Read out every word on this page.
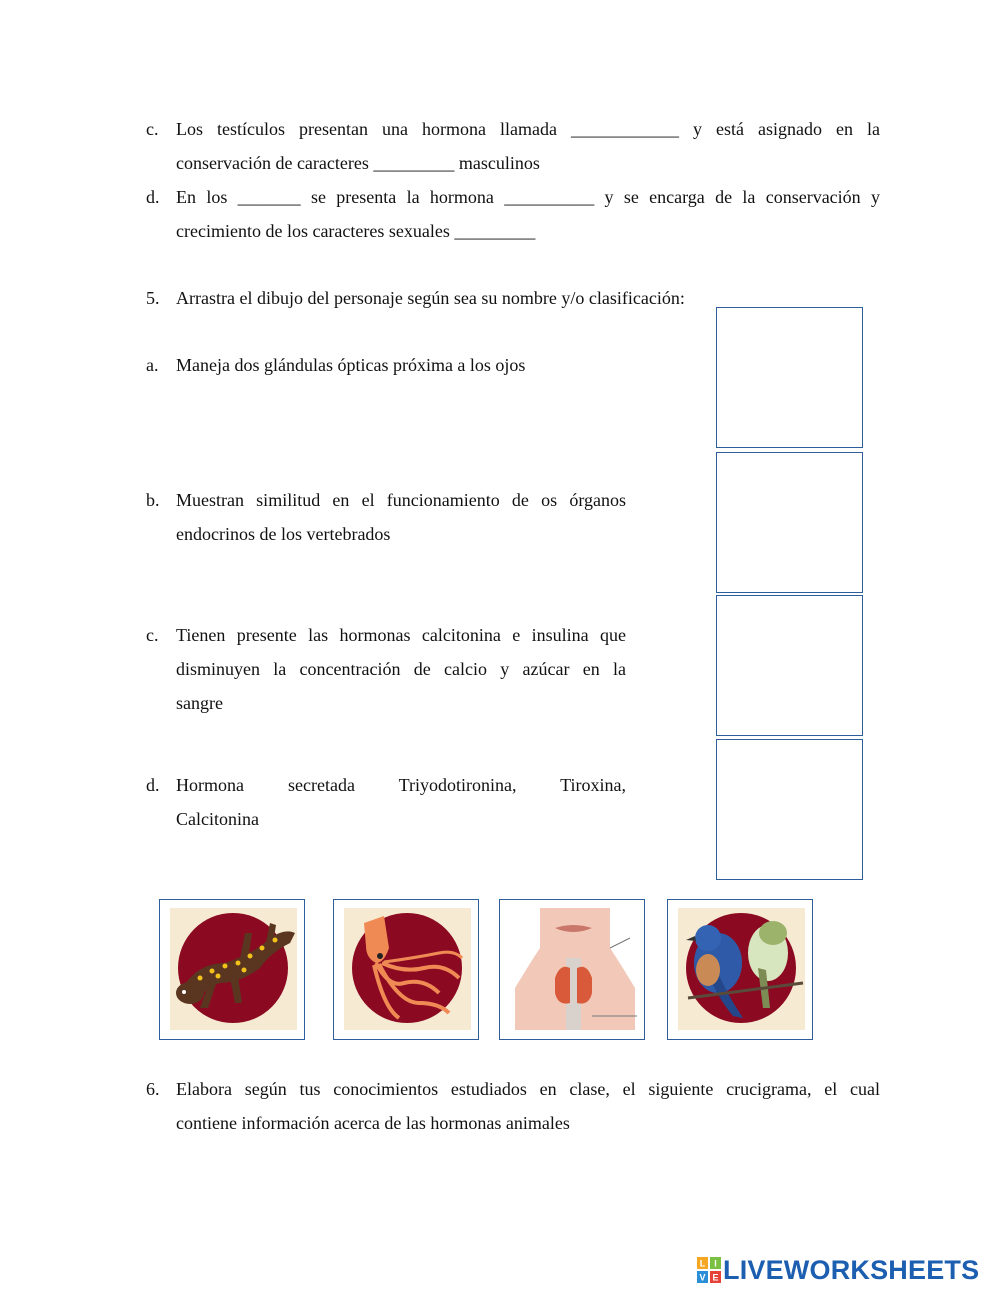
c. Los testículos presentan una hormona llamada ____________ y está asignado en la
conservación de caracteres _________ masculinos
d. En los _______ se presenta la hormona __________ y se encarga de la conservación y
crecimiento de los caracteres sexuales _________
5. Arrastra el dibujo del personaje según sea su nombre y/o clasificación:
a. Maneja dos glándulas ópticas próxima a los ojos
b. Muestran similitud en el funcionamiento de os órganos
endocrinos de los vertebrados
c. Tienen presente las hormonas calcitonina e insulina que
disminuyen la concentración de calcio y azúcar en la
sangre
d. Hormona secretada Triyodotironina, Tiroxina,
Calcitonina
6. Elabora según tus conocimientos estudiados en clase, el siguiente crucigrama, el cual
contiene información acerca de las hormonas animales
L I
V E LIVEWORKSHEETS
